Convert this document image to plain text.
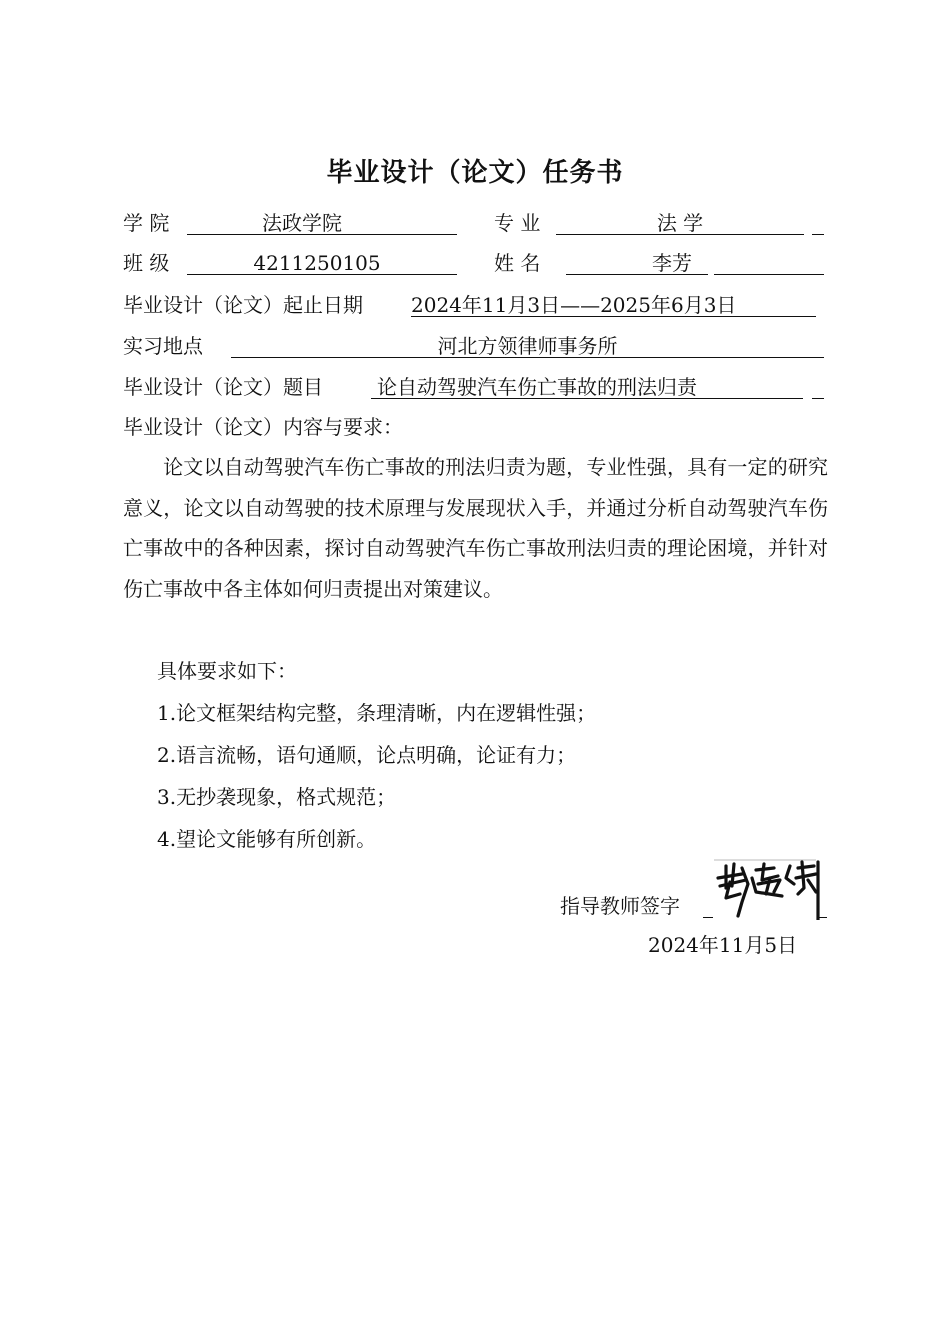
毕业设计（论文）任务书
学 院	法政学院	专 业	法 学
班 级	4211250105	姓 名	李芳
毕业设计（论文）起止日期 2024年11月3日——2025年6月3日
实习地点	河北方领律师事务所
毕业设计（论文）题目	论自动驾驶汽车伤亡事故的刑法归责
毕业设计（论文）内容与要求：
论文以自动驾驶汽车伤亡事故的刑法归责为题，专业性强，具有一定的研究意义，论文以自动驾驶的技术原理与发展现状入手，并通过分析自动驾驶汽车伤亡事故中的各种因素，探讨自动驾驶汽车伤亡事故刑法归责的理论困境，并针对伤亡事故中各主体如何归责提出对策建议。
具体要求如下：
1.论文框架结构完整，条理清晰，内在逻辑性强；
2.语言流畅，语句通顺，论点明确，论证有力；
3.无抄袭现象，格式规范；
4.望论文能够有所创新。
指导教师签字
2024年11月5日
